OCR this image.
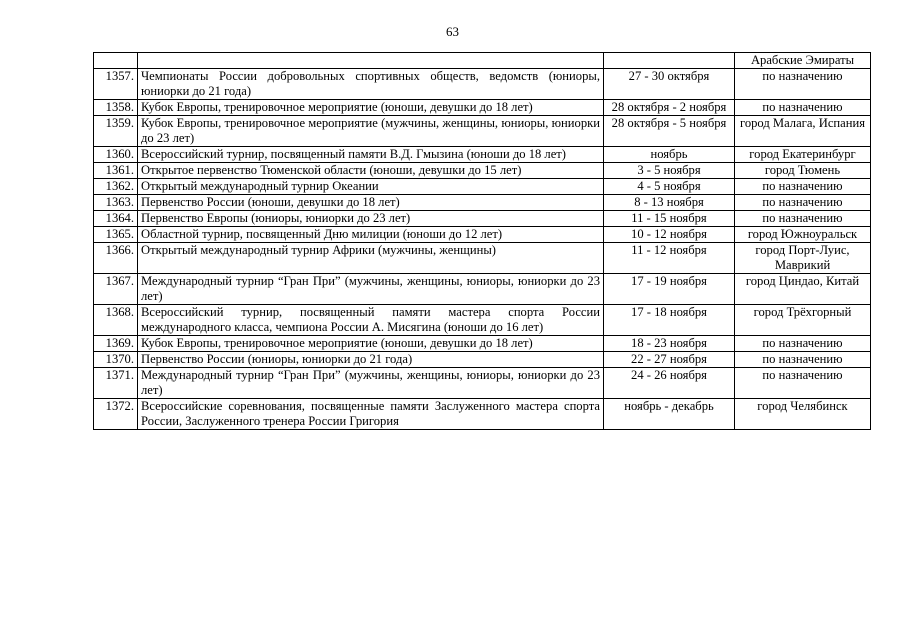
63
			Арабские Эмираты
1357.	Чемпионаты России добровольных спортивных обществ, ведомств (юниоры, юниорки до 21 года)	27 - 30 октября	по назначению
1358.	Кубок Европы, тренировочное мероприятие (юноши, девушки до 18 лет)	28 октября - 2 ноября	по назначению
1359.	Кубок Европы, тренировочное мероприятие (мужчины, женщины, юниоры, юниорки до 23 лет)	28 октября - 5 ноября	город Малага, Испания
1360.	Всероссийский турнир, посвященный памяти В.Д. Гмызина (юноши до 18 лет)	ноябрь	город Екатеринбург
1361.	Открытое первенство Тюменской области (юноши, девушки до 15 лет)	3 - 5 ноября	город Тюмень
1362.	Открытый международный турнир Океании	4 - 5 ноября	по назначению
1363.	Первенство России (юноши, девушки до 18 лет)	8 - 13 ноября	по назначению
1364.	Первенство Европы (юниоры, юниорки до 23 лет)	11 - 15 ноября	по назначению
1365.	Областной турнир, посвященный Дню милиции (юноши до 12 лет)	10 - 12 ноября	город Южноуральск
1366.	Открытый международный турнир Африки (мужчины, женщины)	11 - 12 ноября	город Порт-Луис, Маврикий
1367.	Международный турнир “Гран При” (мужчины, женщины, юниоры, юниорки до 23 лет)	17 - 19 ноября	город Циндао, Китай
1368.	Всероссийский турнир, посвященный памяти мастера спорта России международного класса, чемпиона России А. Мисягина (юноши до 16 лет)	17 - 18 ноября	город Трёхгорный
1369.	Кубок Европы, тренировочное мероприятие (юноши, девушки до 18 лет)	18 - 23 ноября	по назначению
1370.	Первенство России (юниоры, юниорки до 21 года)	22 - 27 ноября	по назначению
1371.	Международный турнир “Гран При” (мужчины, женщины, юниоры, юниорки до 23 лет)	24 - 26 ноября	по назначению
1372.	Всероссийские соревнования, посвященные памяти Заслуженного мастера спорта России, Заслуженного тренера России Григория	ноябрь - декабрь	город Челябинск
